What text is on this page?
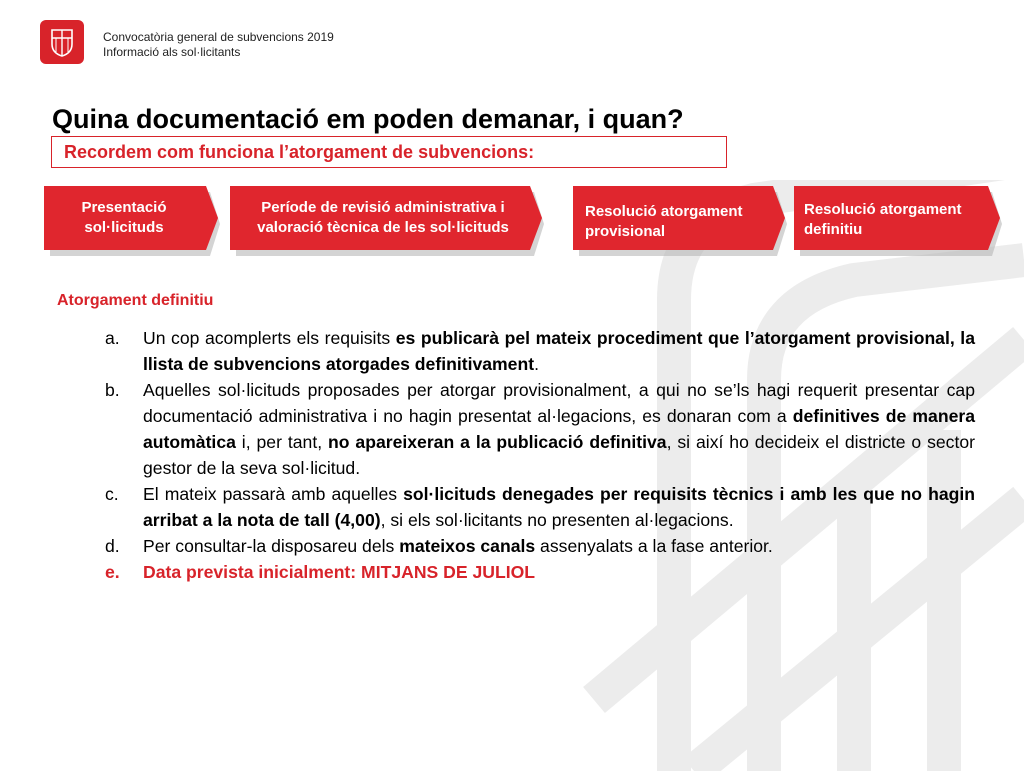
Convocatòria general de subvencions 2019
Informació als sol·licitants
Quina documentació em poden demanar, i quan?
Recordem com funciona l’atorgament de subvencions:
Presentació
sol·licituds
Període de revisió administrativa i
valoració tècnica de les sol·licituds
Resolució atorgament
provisional
Resolució atorgament
definitiu
Atorgament definitiu
a. Un cop acomplerts els requisits es publicarà pel mateix procediment que l’atorgament provisional, la llista de subvencions atorgades definitivament.
b. Aquelles sol·licituds proposades per atorgar provisionalment, a qui no se’ls hagi requerit presentar cap documentació administrativa i no hagin presentat al·legacions, es donaran com a definitives de manera automàtica i, per tant, no apareixeran a la publicació definitiva, si així ho decideix el districte o sector gestor de la seva sol·licitud.
c. El mateix passarà amb aquelles sol·licituds denegades per requisits tècnics i amb les que no hagin arribat a la nota de tall (4,00), si els sol·licitants no presenten al·legacions.
d. Per consultar-la disposareu dels mateixos canals assenyalats a la fase anterior.
e. Data prevista inicialment: MITJANS DE JULIOL
